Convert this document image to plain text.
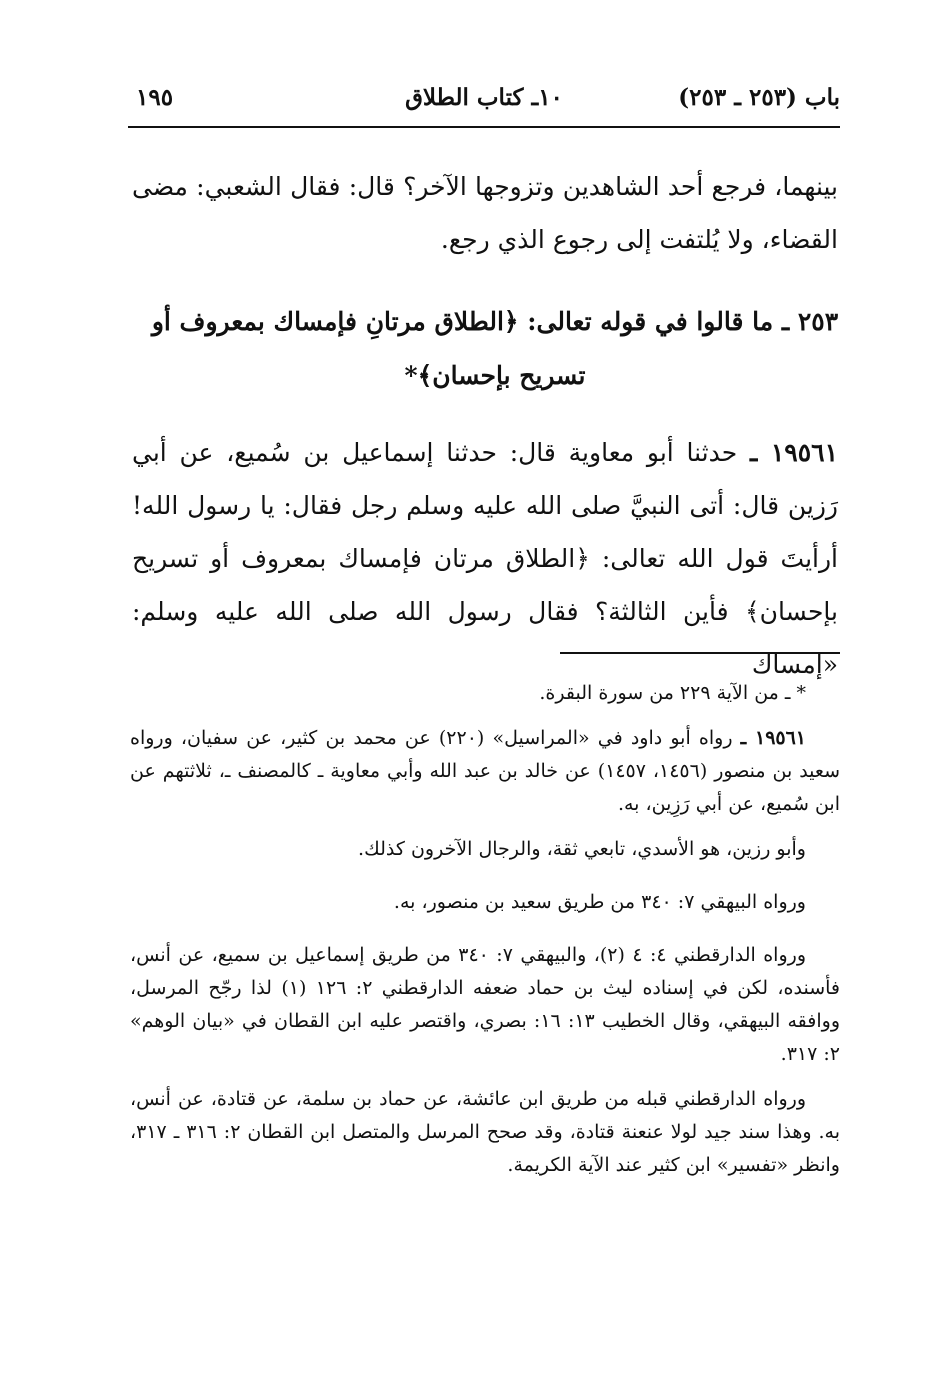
باب (٢٥٣ ـ ٢٥٣)
١٠ـ كتاب الطلاق
١٩٥
بينهما، فرجع أحد الشاهدين وتزوجها الآخر؟ قال: فقال الشعبي: مضى القضاء، ولا يُلتفت إلى رجوع الذي رجع.
٢٥٣ ـ ما قالوا في قوله تعالى: ﴿الطلاق مرتانِ فإمساك بمعروف أو
تسريح بإحسان﴾*
١٩٥٦١ ـ حدثنا أبو معاوية قال: حدثنا إسماعيل بن سُميع، عن أبي رَزين قال: أتى النبيَّ صلى الله عليه وسلم رجل فقال: يا رسول الله! أرأيتَ قول الله تعالى: ﴿الطلاق مرتان فإمساك بمعروف أو تسريح بإحسان﴾ فأين الثالثة؟ فقال رسول الله صلى الله عليه وسلم: «إمساك

* ـ من الآية ٢٢٩ من سورة البقرة.

١٩٥٦١ ـ رواه أبو داود في «المراسيل» (٢٢٠) عن محمد بن كثير، عن سفيان، ورواه سعيد بن منصور (١٤٥٦، ١٤٥٧) عن خالد بن عبد الله وأبي معاوية ـ كالمصنف ـ، ثلاثتهم عن ابن سُميع، عن أبي رَزِين، به.

وأبو رزين، هو الأسدي، تابعي ثقة، والرجال الآخرون كذلك.

ورواه البيهقي ٧: ٣٤٠ من طريق سعيد بن منصور، به.

ورواه الدارقطني ٤: ٤ (٢)، والبيهقي ٧: ٣٤٠ من طريق إسماعيل بن سميع، عن أنس، فأسنده، لكن في إسناده ليث بن حماد ضعفه الدارقطني ٢: ١٢٦ (١) لذا رجّح المرسل، ووافقه البيهقي، وقال الخطيب ١٣: ١٦: بصري، واقتصر عليه ابن القطان في «بيان الوهم» ٢: ٣١٧.

ورواه الدارقطني قبله من طريق ابن عائشة، عن حماد بن سلمة، عن قتادة، عن أنس، به. وهذا سند جيد لولا عنعنة قتادة، وقد صحح المرسل والمتصل ابن القطان ٢: ٣١٦ ـ ٣١٧، وانظر «تفسير» ابن كثير عند الآية الكريمة.
